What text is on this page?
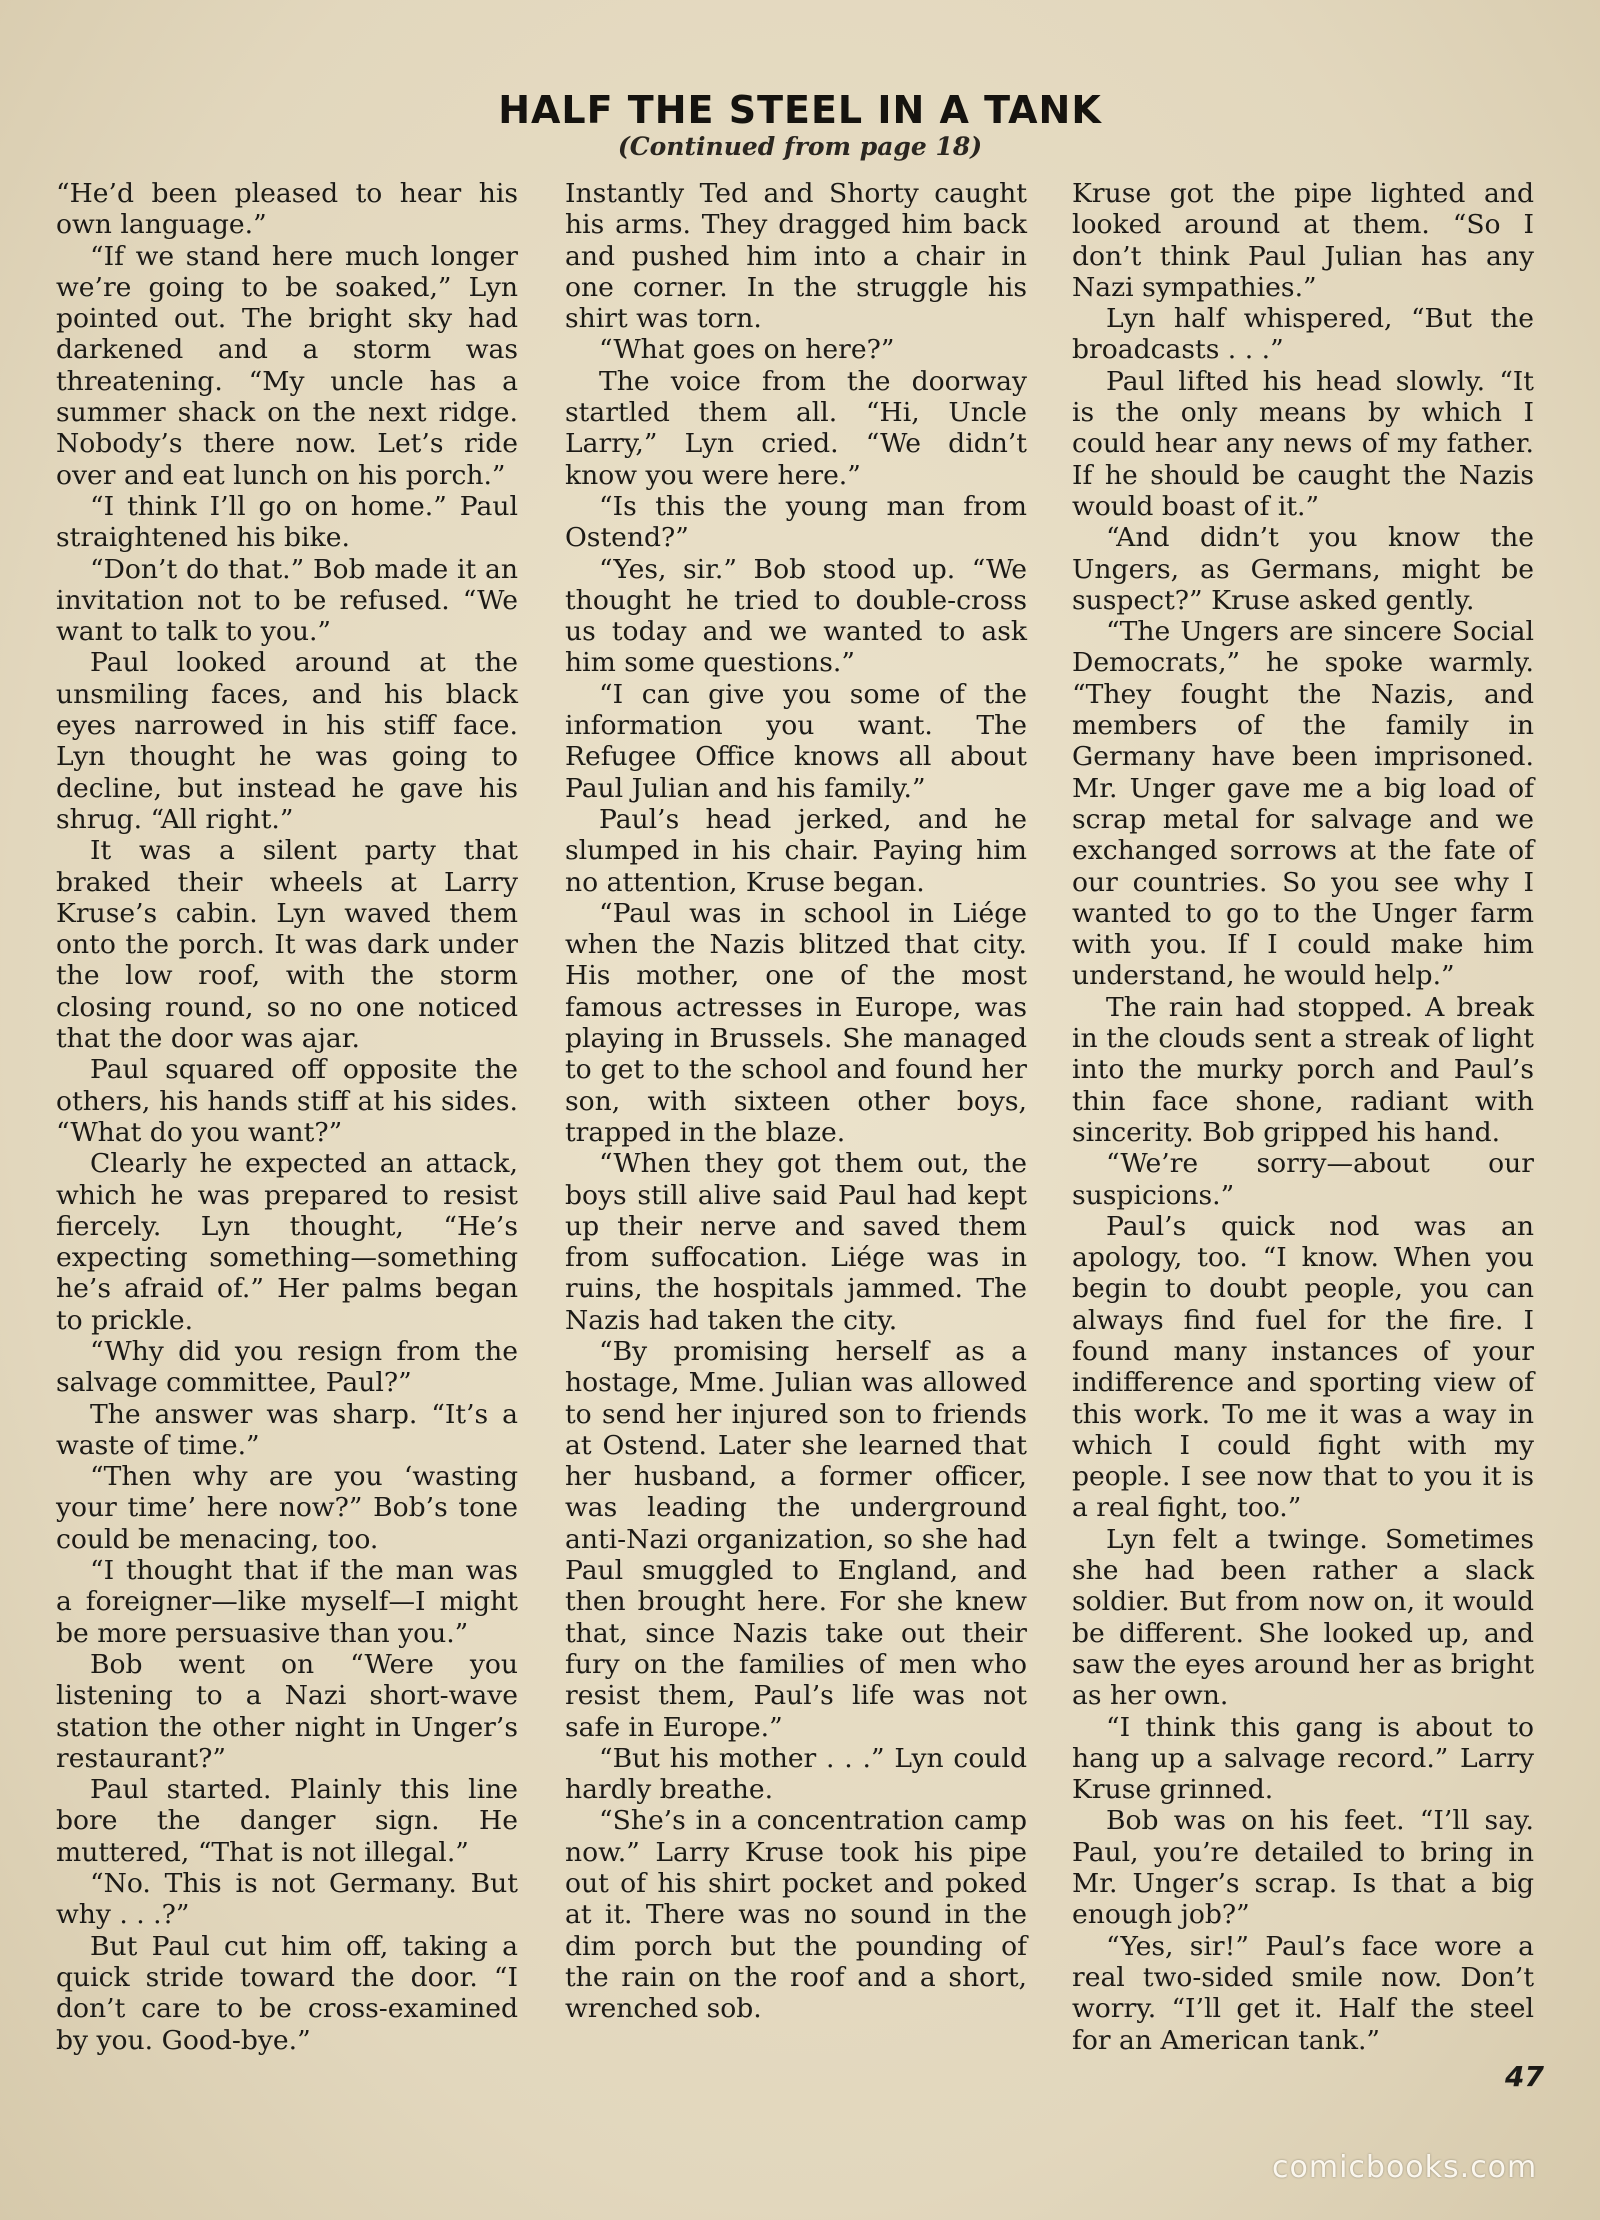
HALF THE STEEL IN A TANK
(Continued from page 18)

“He’d been pleased to hear his own language.”

“If we stand here much longer we’re going to be soaked,” Lyn pointed out. The bright sky had darkened and a storm was threatening. “My uncle has a summer shack on the next ridge. Nobody’s there now. Let’s ride over and eat lunch on his porch.”

“I think I’ll go on home.” Paul straightened his bike.

“Don’t do that.” Bob made it an invitation not to be refused. “We want to talk to you.”

Paul looked around at the unsmiling faces, and his black eyes narrowed in his stiff face. Lyn thought he was going to decline, but instead he gave his shrug. “All right.”

It was a silent party that braked their wheels at Larry Kruse’s cabin. Lyn waved them onto the porch. It was dark under the low roof, with the storm closing round, so no one noticed that the door was ajar.

Paul squared off opposite the others, his hands stiff at his sides. “What do you want?”

Clearly he expected an attack, which he was prepared to resist fiercely. Lyn thought, “He’s expecting something—something he’s afraid of.” Her palms began to prickle.

“Why did you resign from the salvage committee, Paul?”

The answer was sharp. “It’s a waste of time.”

“Then why are you ‘wasting your time’ here now?” Bob’s tone could be menacing, too.

“I thought that if the man was a foreigner—like myself—I might be more persuasive than you.”

Bob went on “Were you listening to a Nazi short-wave station the other night in Unger’s restaurant?”

Paul started. Plainly this line bore the danger sign. He muttered, “That is not illegal.”

“No. This is not Germany. But why . . .?”

But Paul cut him off, taking a quick stride toward the door. “I don’t care to be cross-examined by you. Good-bye.”

Instantly Ted and Shorty caught his arms. They dragged him back and pushed him into a chair in one corner. In the struggle his shirt was torn.

“What goes on here?”

The voice from the doorway startled them all. “Hi, Uncle Larry,” Lyn cried. “We didn’t know you were here.”

“Is this the young man from Ostend?”

“Yes, sir.” Bob stood up. “We thought he tried to double-cross us today and we wanted to ask him some questions.”

“I can give you some of the information you want. The Refugee Office knows all about Paul Julian and his family.”

Paul’s head jerked, and he slumped in his chair. Paying him no attention, Kruse began.

“Paul was in school in Liége when the Nazis blitzed that city. His mother, one of the most famous actresses in Europe, was playing in Brussels. She managed to get to the school and found her son, with sixteen other boys, trapped in the blaze.

“When they got them out, the boys still alive said Paul had kept up their nerve and saved them from suffocation. Liége was in ruins, the hospitals jammed. The Nazis had taken the city.

“By promising herself as a hostage, Mme. Julian was allowed to send her injured son to friends at Ostend. Later she learned that her husband, a former officer, was leading the underground anti-Nazi organization, so she had Paul smuggled to England, and then brought here. For she knew that, since Nazis take out their fury on the families of men who resist them, Paul’s life was not safe in Europe.”

“But his mother . . .” Lyn could hardly breathe.

“She’s in a concentration camp now.” Larry Kruse took his pipe out of his shirt pocket and poked at it. There was no sound in the dim porch but the pounding of the rain on the roof and a short, wrenched sob.

Kruse got the pipe lighted and looked around at them. “So I don’t think Paul Julian has any Nazi sympathies.”

Lyn half whispered, “But the broadcasts . . .”

Paul lifted his head slowly. “It is the only means by which I could hear any news of my father. If he should be caught the Nazis would boast of it.”

“And didn’t you know the Ungers, as Germans, might be suspect?” Kruse asked gently.

“The Ungers are sincere Social Democrats,” he spoke warmly. “They fought the Nazis, and members of the family in Germany have been imprisoned. Mr. Unger gave me a big load of scrap metal for salvage and we exchanged sorrows at the fate of our countries. So you see why I wanted to go to the Unger farm with you. If I could make him understand, he would help.”

The rain had stopped. A break in the clouds sent a streak of light into the murky porch and Paul’s thin face shone, radiant with sincerity. Bob gripped his hand.

“We’re sorry—about our suspicions.”

Paul’s quick nod was an apology, too. “I know. When you begin to doubt people, you can always find fuel for the fire. I found many instances of your indifference and sporting view of this work. To me it was a way in which I could fight with my people. I see now that to you it is a real fight, too.”

Lyn felt a twinge. Sometimes she had been rather a slack soldier. But from now on, it would be different. She looked up, and saw the eyes around her as bright as her own.

“I think this gang is about to hang up a salvage record.” Larry Kruse grinned.

Bob was on his feet. “I’ll say. Paul, you’re detailed to bring in Mr. Unger’s scrap. Is that a big enough job?”

“Yes, sir!” Paul’s face wore a real two-sided smile now. Don’t worry. “I’ll get it. Half the steel for an American tank.”

47
comicbooks.com
